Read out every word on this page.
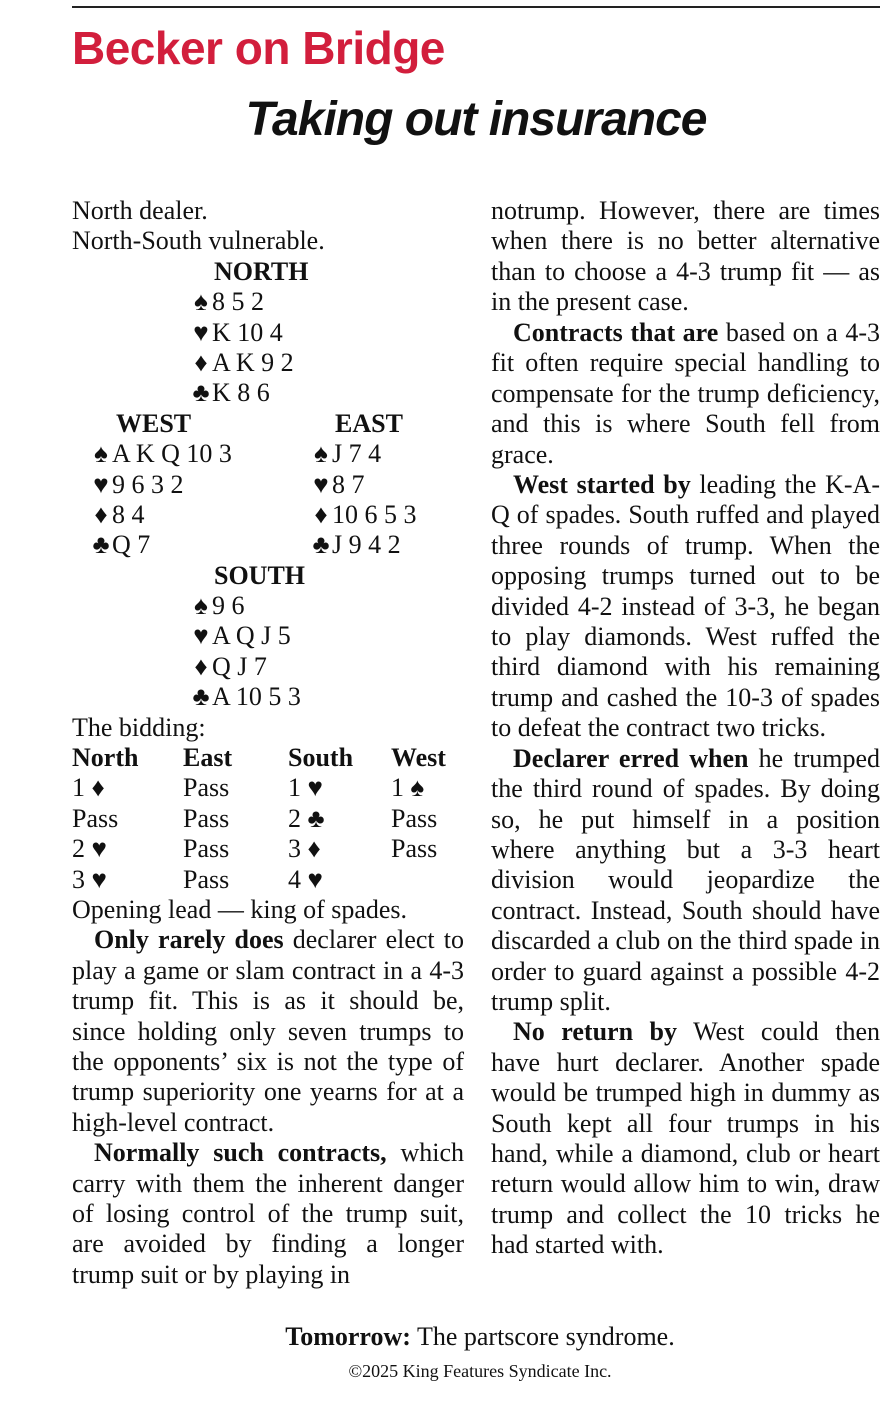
Becker on Bridge
Taking out insurance
North dealer.
North-South vulnerable.
NORTH
♠ 8 5 2
♥ K 10 4
♦ A K 9 2
♣K 8 6
WEST	EAST
♠ A K Q 10 3	♠ J 7 4
♥ 9 6 3 2	♥ 8 7
♦ 8 4	♦ 10 6 5 3
♣Q 7	♣J 9 4 2
SOUTH
♠ 9 6
♥ A Q J 5
♦ Q J 7
♣A 10 5 3
The bidding:
North East South West
1 ♦	Pass 1 ♥	1 ♠
Pass Pass 2 ♣	Pass
2 ♥	Pass 3 ♦	Pass
3 ♥	Pass 4 ♥
Opening lead — king of spades.

Only rarely does declarer elect to play a game or slam contract in a 4-3 trump fit. This is as it should be, since holding only seven trumps to the opponents’ six is not the type of trump superiority one yearns for at a high-level contract.

Normally such contracts, which carry with them the inherent danger of losing control of the trump suit, are avoided by finding a longer trump suit or by playing in

notrump. However, there are times when there is no better alternative than to choose a 4-3 trump fit — as in the present case.

Contracts that are based on a 4-3 fit often require special handling to compensate for the trump deficiency, and this is where South fell from grace.

West started by leading the K-A-Q of spades. South ruffed and played three rounds of trump. When the opposing trumps turned out to be divided 4-2 instead of 3-3, he began to play diamonds. West ruffed the third diamond with his remaining trump and cashed the 10-3 of spades to defeat the contract two tricks.

Declarer erred when he trumped the third round of spades. By doing so, he put himself in a position where anything but a 3-3 heart division would jeopardize the contract. Instead, South should have discarded a club on the third spade in order to guard against a possible 4-2 trump split.

No return by West could then have hurt declarer. Another spade would be trumped high in dummy as South kept all four trumps in his hand, while a diamond, club or heart return would allow him to win, draw trump and collect the 10 tricks he had started with.

Tomorrow: The partscore syndrome.
©2025 King Features Syndicate Inc.
